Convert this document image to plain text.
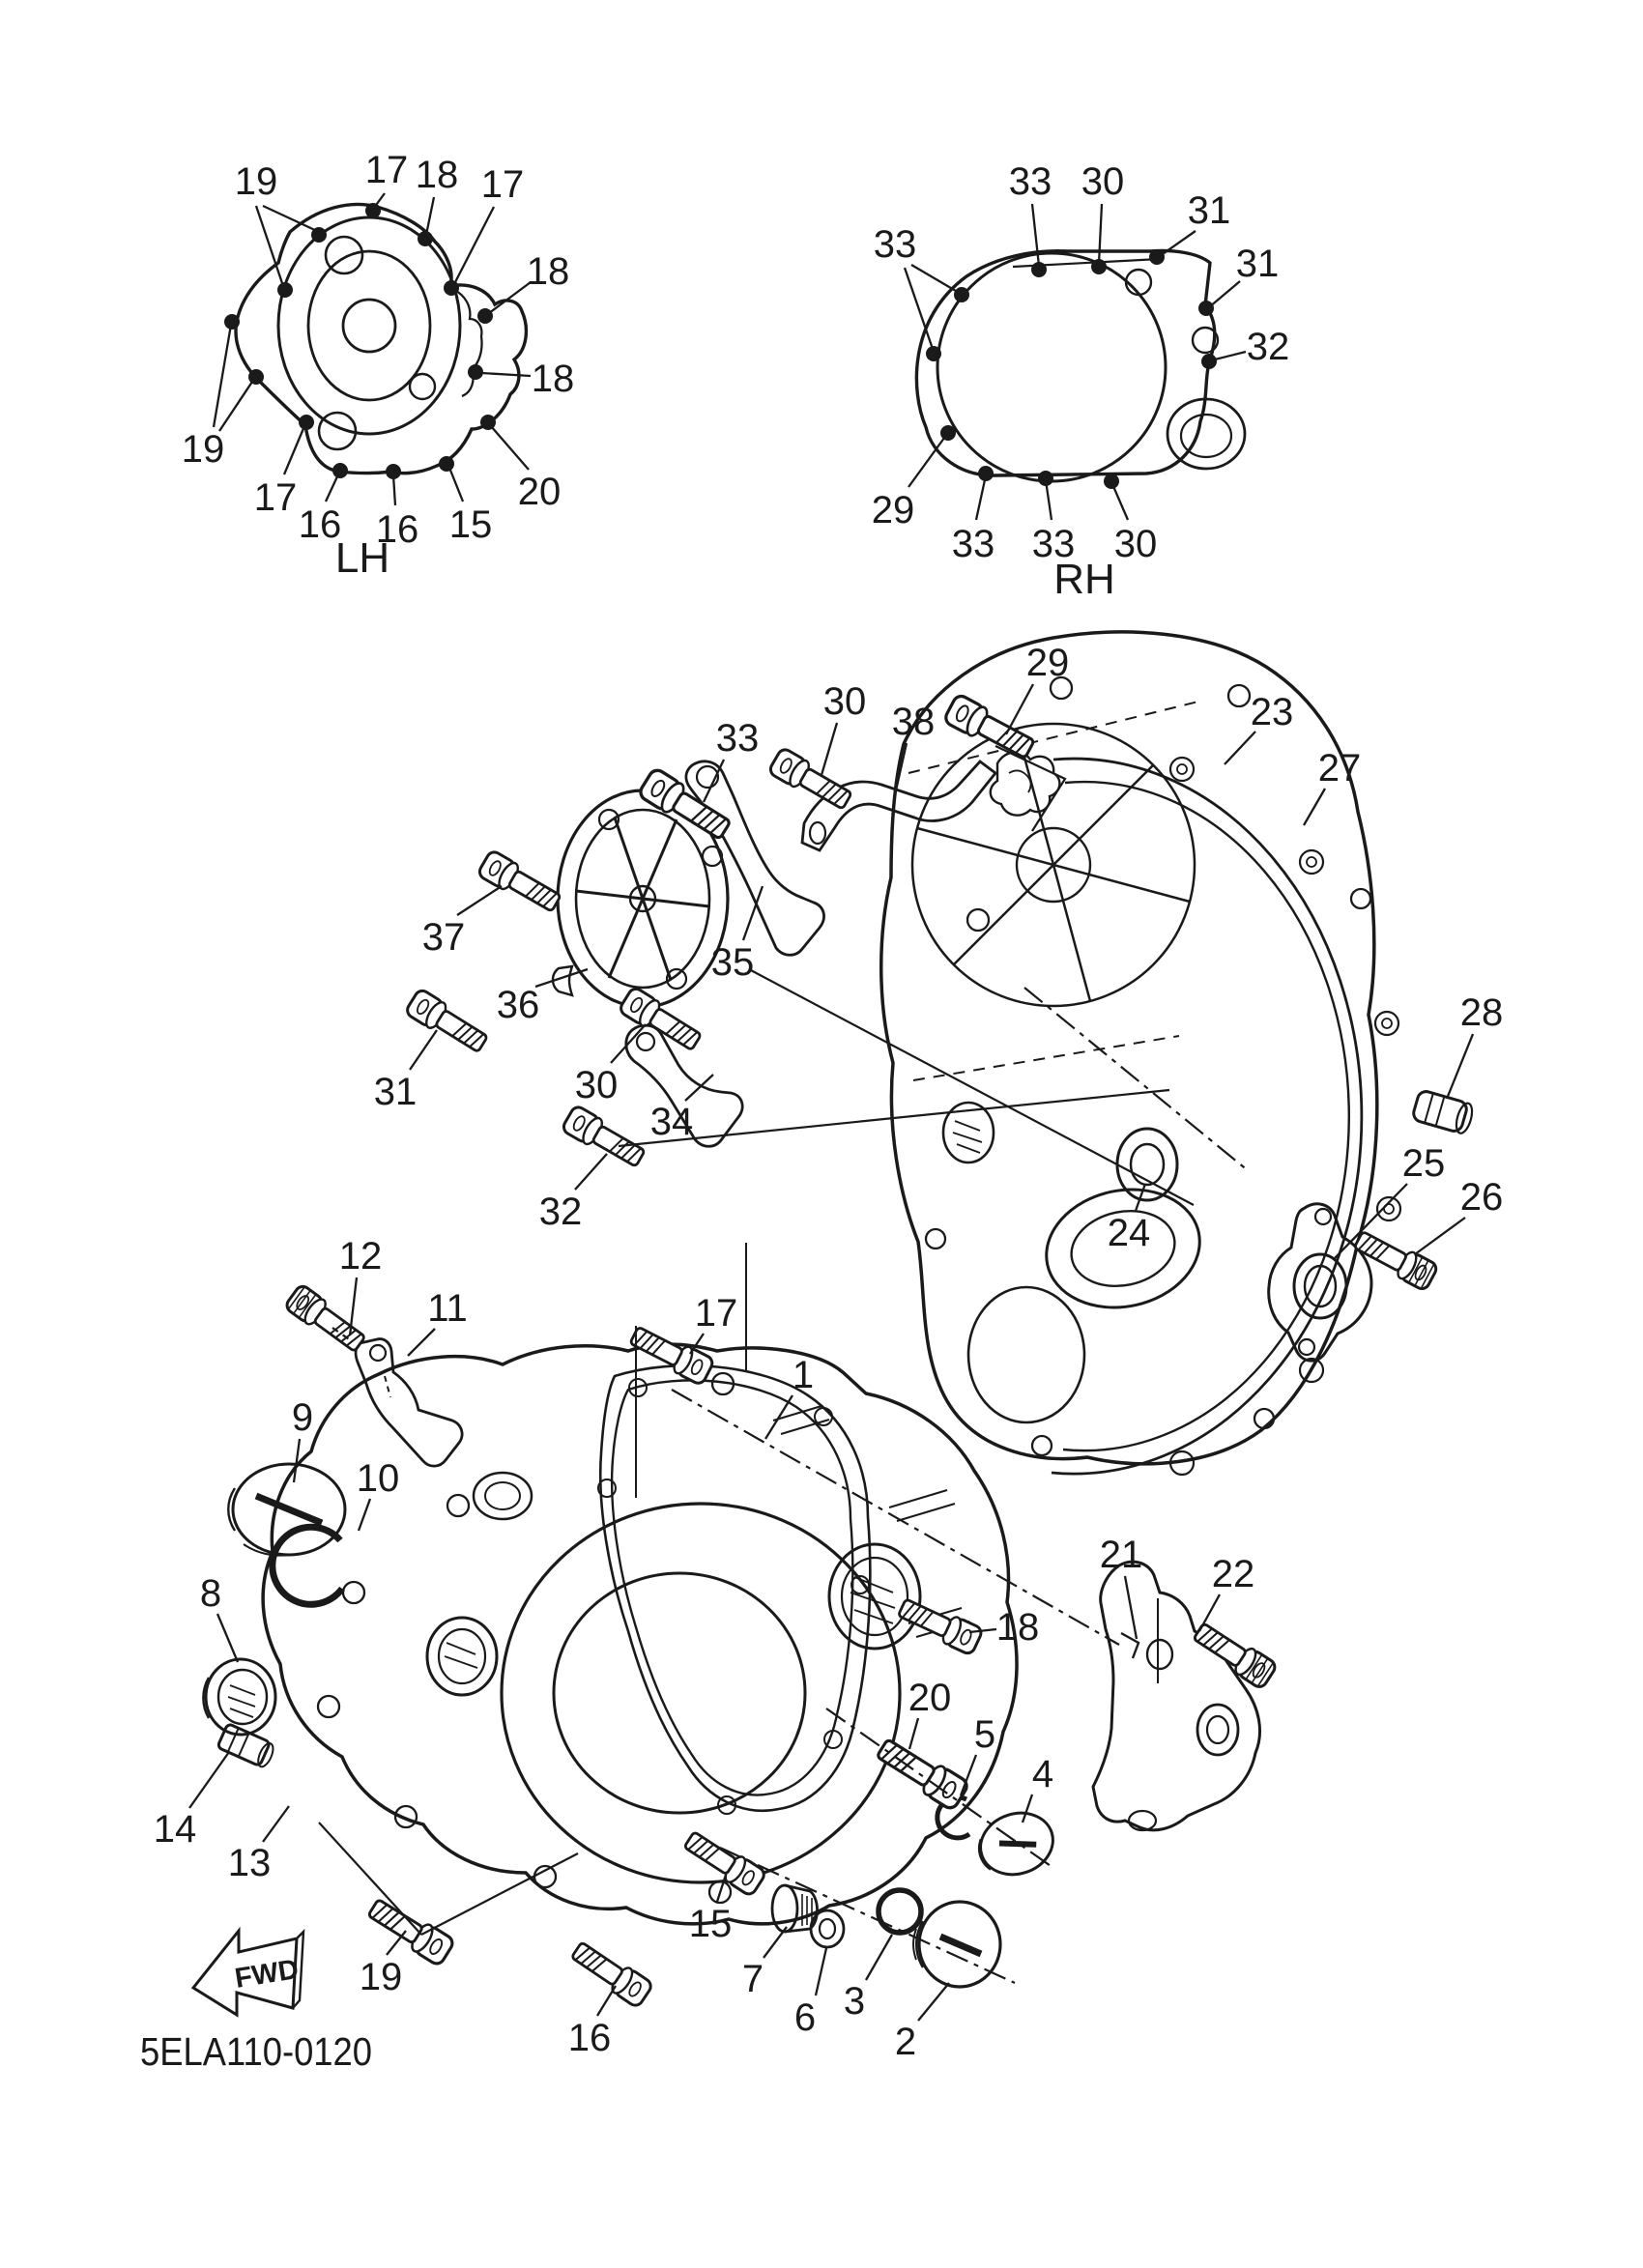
FWD
LH	RH
5ELA110-0120
19 17 18 17
18
18
20
15
16
16
17
19
33 30
31
31
32
33
29
33 33 30
33
30 38
29
23
27
37
36
35
31	30
34
32
28
24
25
26
12
11
9
10
8
14
13
17
1
18
20
5
4
21 22
15
7
6 3
2
16
19
